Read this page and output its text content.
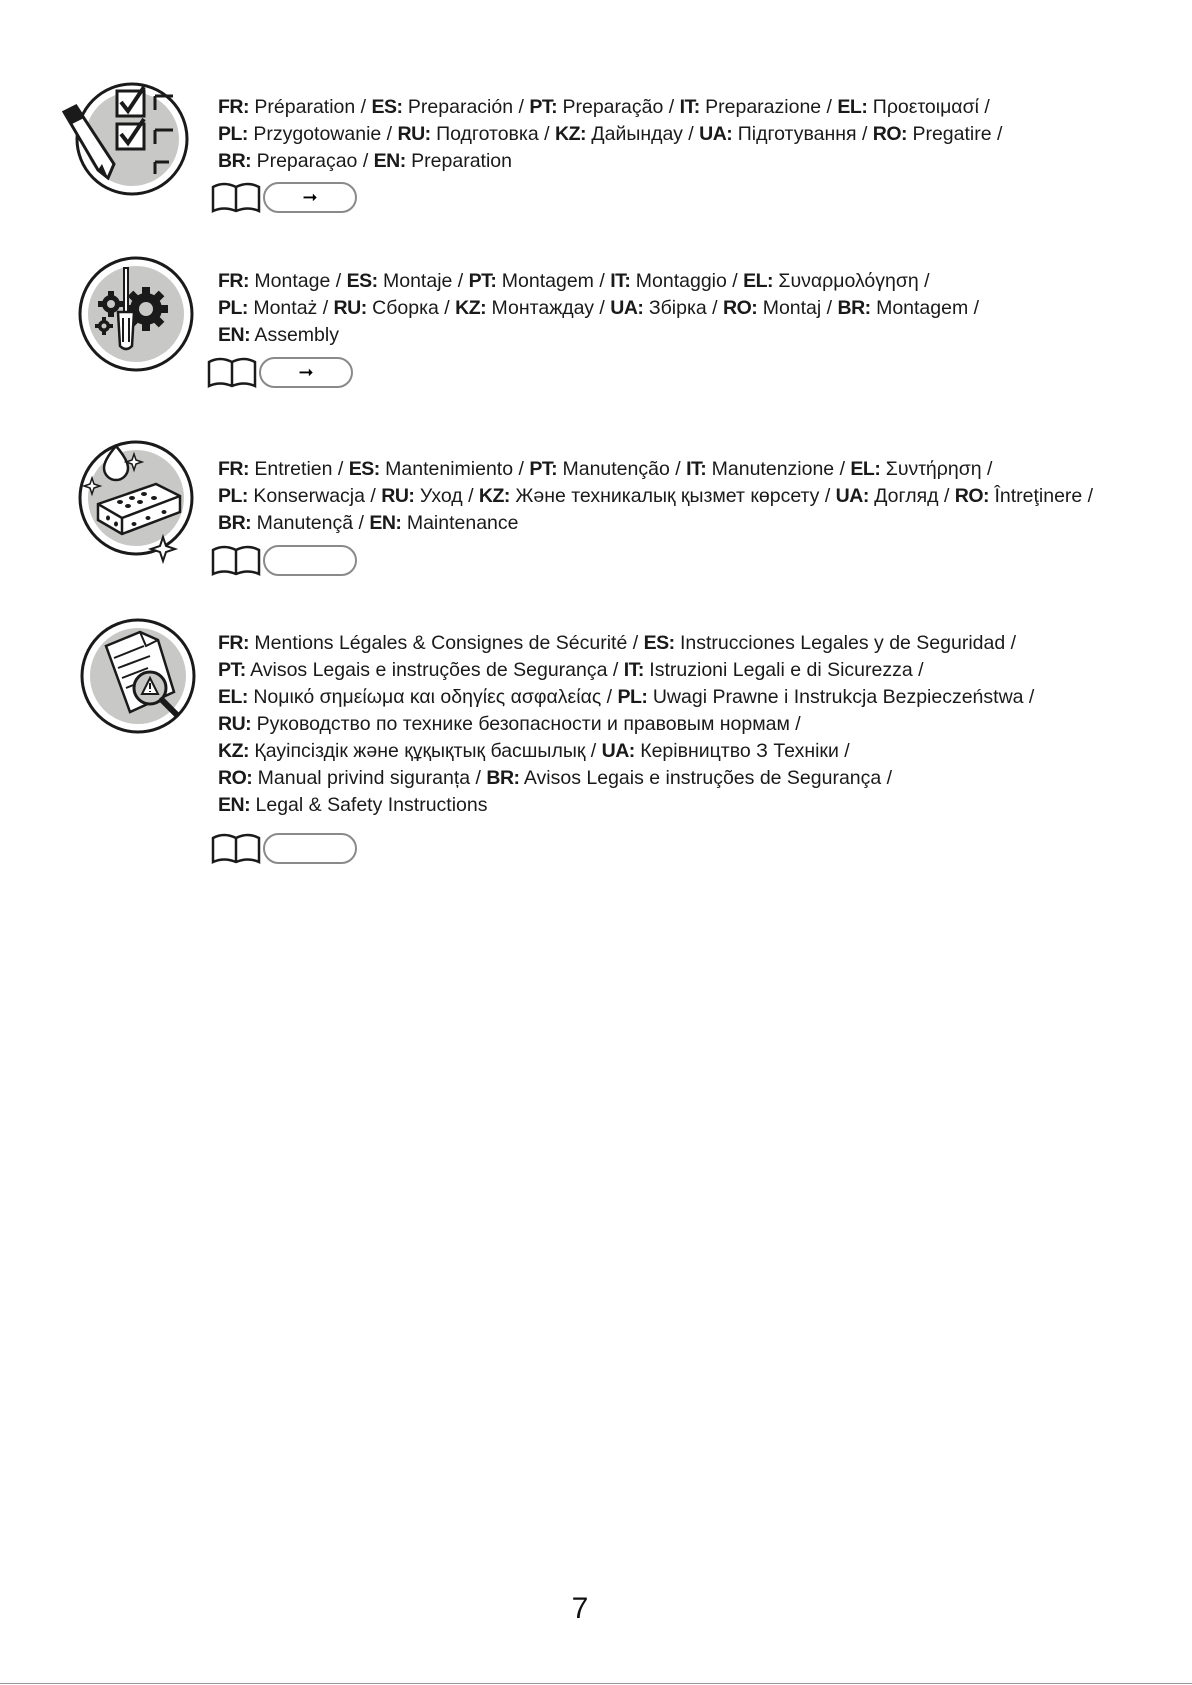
FR: Préparation / ES: Preparación / PT: Preparação / IT: Preparazione / EL: Προετοιμασί /
PL: Przygotowanie / RU: Подготовка / KZ: Дайындау / UA: Підготування / RO: Pregatire /
BR: Preparaçao / EN: Preparation
➞
FR: Montage / ES: Montaje / PT: Montagem / IT: Montaggio / EL: Συναρμολόγηση /
PL: Montaż / RU: Сборка / KZ: Монтаждау / UA: Збірка / RO: Montaj / BR: Montagem /
EN: Assembly
➞
FR: Entretien / ES: Mantenimiento / PT: Manutenção / IT: Manutenzione / EL: Συντήρηση /
PL: Konserwacja / RU: Уход / KZ: Жәнe техникалық қызмет көрсету / UA: Догляд / RO: Întreţinere /
BR: Manutençã / EN: Maintenance
FR: Mentions Légales & Consignes de Sécurité / ES: Instrucciones Legales y de Seguridad /
PT: Avisos Legais e instruções de Segurança / IT: Istruzioni Legali e di Sicurezza /
EL: Νομικό σημείωμα και οδηγίες ασφαλείας / PL: Uwagi Prawne i Instrukcja Bezpieczeństwa /
RU: Руководство по технике безопасности и правовым нормам /
KZ: Қауіпсіздік және құқықтық басшылық / UA: Керівництво З Техніки /
RO: Manual privind siguranța / BR: Avisos Legais e instruções de Segurança /
EN: Legal & Safety Instructions
7
